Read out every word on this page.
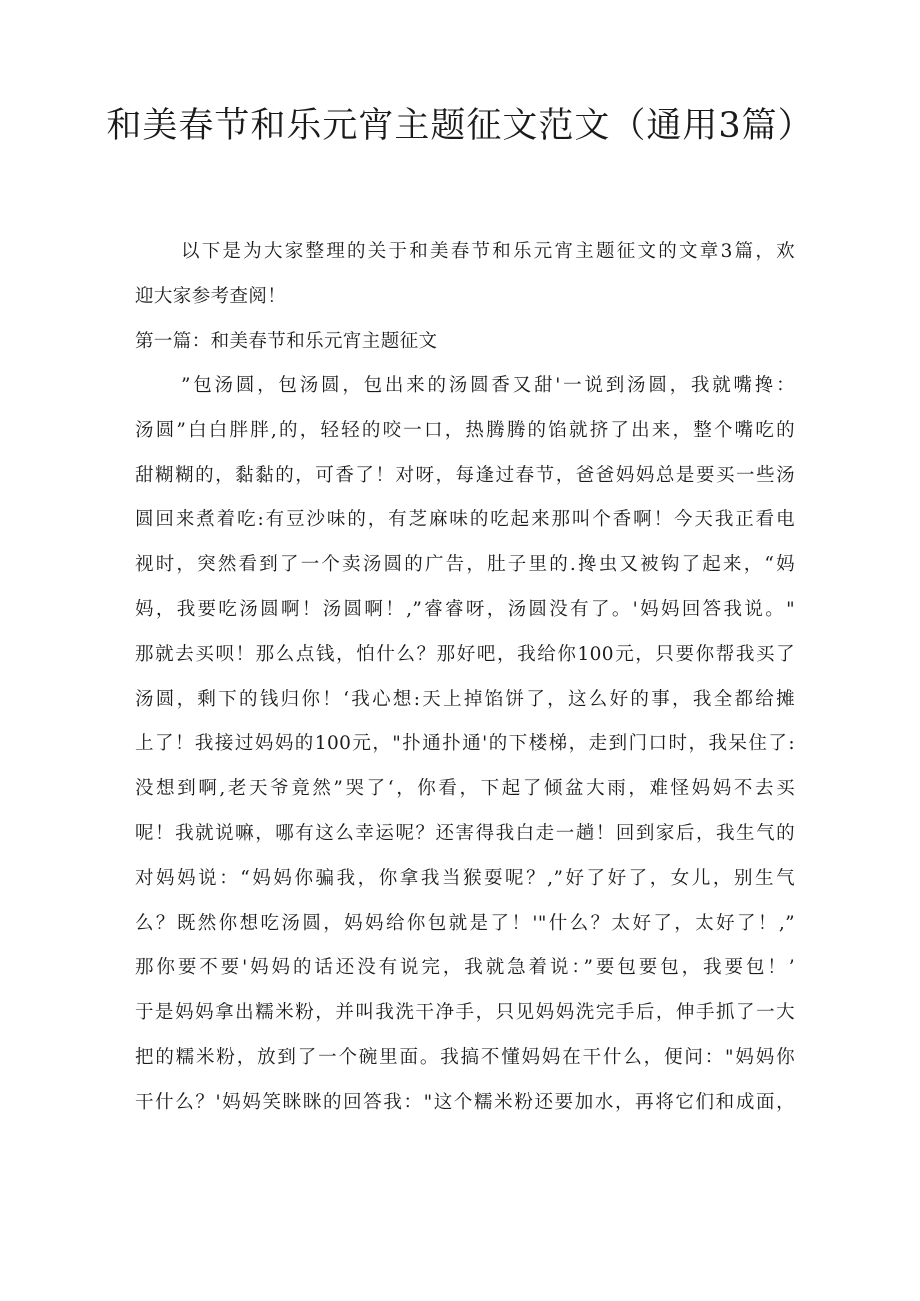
和美春节和乐元宵主题征文范文（通用3篇）
以下是为大家整理的关于和美春节和乐元宵主题征文的文章3篇，欢
迎大家参考查阅！
第一篇：和美春节和乐元宵主题征文
”包汤圆，包汤圆，包出来的汤圆香又甜'一说到汤圆，我就嘴搀：
汤圆”白白胖胖,的，轻轻的咬一口，热腾腾的馅就挤了出来，整个嘴吃的
甜糊糊的，黏黏的，可香了！对呀，每逢过春节，爸爸妈妈总是要买一些汤
圆回来煮着吃:有豆沙味的，有芝麻味的吃起来那叫个香啊！今天我正看电
视时，突然看到了一个卖汤圆的广告，肚子里的.搀虫又被钩了起来，“妈
妈，我要吃汤圆啊！汤圆啊！,”睿睿呀，汤圆没有了。'妈妈回答我说。"
那就去买呗！那么点钱，怕什么？那好吧，我给你100元，只要你帮我买了
汤圆，剩下的钱归你！‘我心想:天上掉馅饼了，这么好的事，我全都给摊
上了！我接过妈妈的100元，"扑通扑通'的下楼梯，走到门口时，我呆住了:
没想到啊,老天爷竟然”哭了‘，你看，下起了倾盆大雨，难怪妈妈不去买
呢！我就说嘛，哪有这么幸运呢？还害得我白走一趟！回到家后，我生气的
对妈妈说：“妈妈你骗我，你拿我当猴耍呢？,”好了好了，女儿，别生气
么？既然你想吃汤圆，妈妈给你包就是了！'"什么？太好了，太好了！,”
那你要不要'妈妈的话还没有说完，我就急着说：”要包要包，我要包！’
于是妈妈拿出糯米粉，并叫我洗干净手，只见妈妈洗完手后，伸手抓了一大
把的糯米粉，放到了一个碗里面。我搞不懂妈妈在干什么，便问："妈妈你
干什么？'妈妈笑眯眯的回答我："这个糯米粉还要加水，再将它们和成面，
